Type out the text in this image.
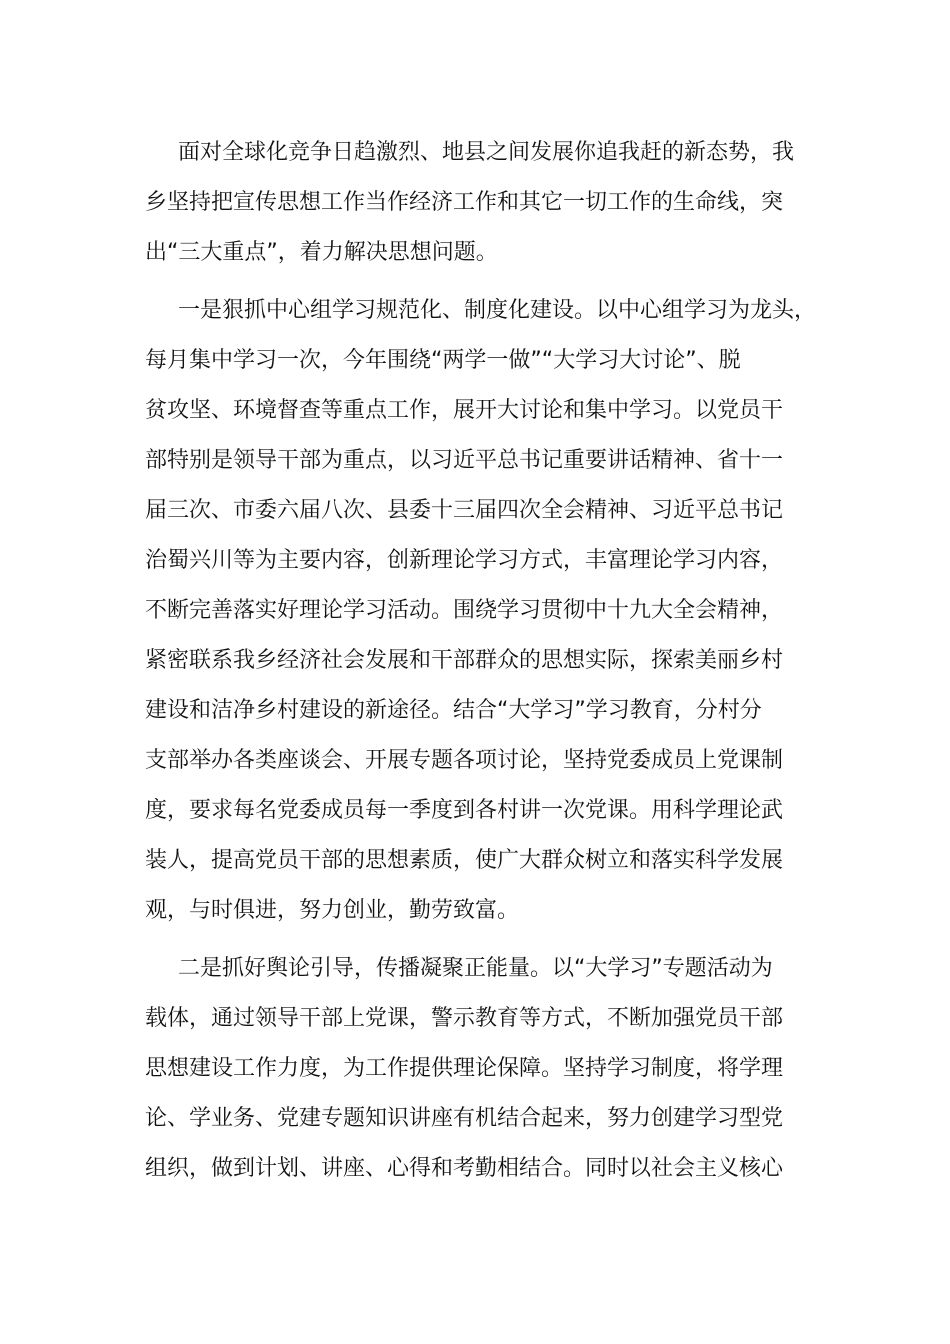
面对全球化竞争日趋激烈、地县之间发展你追我赶的新态势，我
乡坚持把宣传思想工作当作经济工作和其它一切工作的生命线，突
出“三大重点”，着力解决思想问题。

一是狠抓中心组学习规范化、制度化建设。以中心组学习为龙头，
每月集中学习一次，今年围绕“两学一做”“大学习大讨论”、脱
贫攻坚、环境督查等重点工作，展开大讨论和集中学习。以党员干
部特别是领导干部为重点，以习近平总书记重要讲话精神、省十一
届三次、市委六届八次、县委十三届四次全会精神、习近平总书记
治蜀兴川等为主要内容，创新理论学习方式，丰富理论学习内容，
不断完善落实好理论学习活动。围绕学习贯彻中十九大全会精神，
紧密联系我乡经济社会发展和干部群众的思想实际，探索美丽乡村
建设和洁净乡村建设的新途径。结合“大学习”学习教育，分村分
支部举办各类座谈会、开展专题各项讨论，坚持党委成员上党课制
度，要求每名党委成员每一季度到各村讲一次党课。用科学理论武
装人，提高党员干部的思想素质，使广大群众树立和落实科学发展
观，与时俱进，努力创业，勤劳致富。

二是抓好舆论引导，传播凝聚正能量。以“大学习”专题活动为
载体，通过领导干部上党课，警示教育等方式，不断加强党员干部
思想建设工作力度，为工作提供理论保障。坚持学习制度，将学理
论、学业务、党建专题知识讲座有机结合起来，努力创建学习型党
组织，做到计划、讲座、心得和考勤相结合。同时以社会主义核心
